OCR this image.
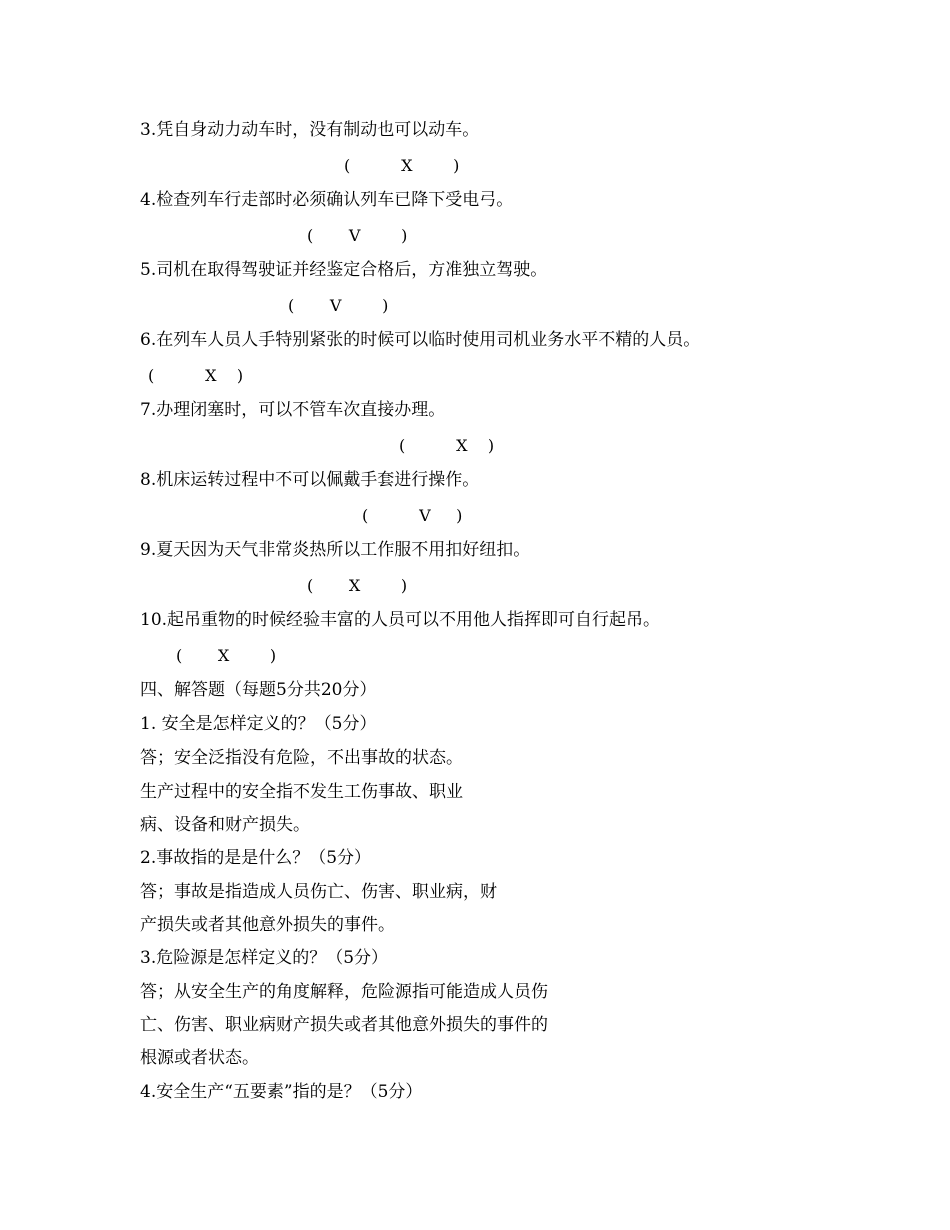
3.凭自身动力动车时，没有制动也可以动车。
(          X        )
4.检查列车行走部时必须确认列车已降下受电弓。
(       V        )
5.司机在取得驾驶证并经鉴定合格后，方准独立驾驶。
(       V        )
6.在列车人员人手特别紧张的时候可以临时使用司机业务水平不精的人员。
(          X    )
7.办理闭塞时，可以不管车次直接办理。
(          X    )
8.机床运转过程中不可以佩戴手套进行操作。
(          V     )
9.夏天因为天气非常炎热所以工作服不用扣好纽扣。
(       X        )
10.起吊重物的时候经验丰富的人员可以不用他人指挥即可自行起吊。
(       X        )
四、解答题（每题5分共20分）
1. 安全是怎样定义的？（5分）
答；安全泛指没有危险，不出事故的状态。
生产过程中的安全指不发生工伤事故、职业
病、设备和财产损失。
2.事故指的是是什么？（5分）
答；事故是指造成人员伤亡、伤害、职业病，财
产损失或者其他意外损失的事件。
3.危险源是怎样定义的？（5分）
答；从安全生产的角度解释，危险源指可能造成人员伤
亡、伤害、职业病财产损失或者其他意外损失的事件的
根源或者状态。
4.安全生产“五要素”指的是？（5分）
